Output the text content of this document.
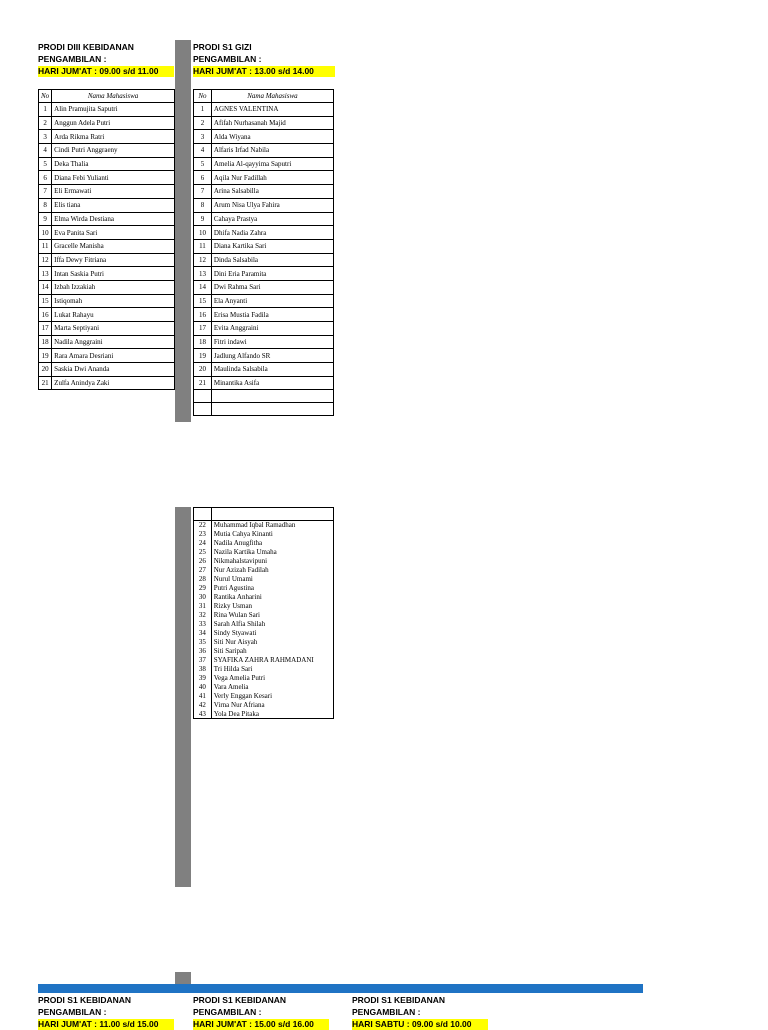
PRODI DIII KEBIDANAN
PENGAMBILAN :
HARI JUM'AT : 09.00 s/d 11.00
PRODI S1 GIZI
PENGAMBILAN :
HARI JUM'AT : 13.00 s/d 14.00
No	Nama Mahasiswa
1	Alin Pramujita Saputri
2	Anggun Adela Putri
3	Arda Rikma Ratri
4	Cindi Putri Anggraeny
5	Deka Thalia
6	Diana Febi Yulianti
7	Eli Ermawati
8	Elis tiana
9	Elma Wirda Destiana
10	Eva Panita Sari
11	Gracelle Manisha
12	Iffa Dewy Fitriana
13	Intan Saskia Putri
14	Izbah Izzakiah
15	Istiqomah
16	Lukat Rahayu
17	Marta Septiyani
18	Nadila Anggraini
19	Rara Amara Desriani
20	Saskia Dwi Ananda
21	Zulfa Anindya Zaki
No	Nama Mahasiswa
1	AGNES VALENTINA
2	Afifah Nurhasanah Majid
3	Alda Wiyana
4	Alfaris Irfad Nabila
5	Amelia Al-qayyima Saputri
6	Aqila Nur Fadillah
7	Arina Salsabilla
8	Arum Nisa Ulya Fahira
9	Cahaya Prastya
10	Dhifa Nadia Zahra
11	Diana Kartika Sari
12	Dinda Salsabila
13	Dini Eria Paramita
14	Dwi Rahma Sari
15	Ela Anyanti
16	Erisa Mustia Fadila
17	Evita Anggraini
18	Fitri indawi
19	Jadlung Alfando SR
20	Maulinda Salsabila
21	Minantika Asifa

22	Muhammad Iqbal Ramadhan
23	Mutia Cahya Kinanti
24	Nadila Anugfitha
25	Nazila Kartika Umaha
26	Nikmahalstavipuni
27	Nur Azizah Fadilah
28	Nurul Umami
29	Putri Agustina
30	Rantika Anharini
31	Rizky Usman
32	Rina Wulan Sari
33	Sarah Alfia Shilah
34	Sindy Styawati
35	Siti Nur Aisyah
36	Siti Saripah
37	SYAFIKA ZAHRA RAHMADANI
38	Tri Hilda Sari
39	Vega Amelia Putri
40	Vara Amelia
41	Verly Enggan Kesari
42	Virna Nur Afriana
43	Yola Dea Pitaka
PRODI S1 KEBIDANAN
PENGAMBILAN :
HARI JUM'AT : 11.00 s/d 15.00
PRODI S1 KEBIDANAN
PENGAMBILAN :
HARI JUM'AT : 15.00 s/d 16.00
PRODI S1 KEBIDANAN
PENGAMBILAN :
HARI SABTU : 09.00 s/d 10.00
